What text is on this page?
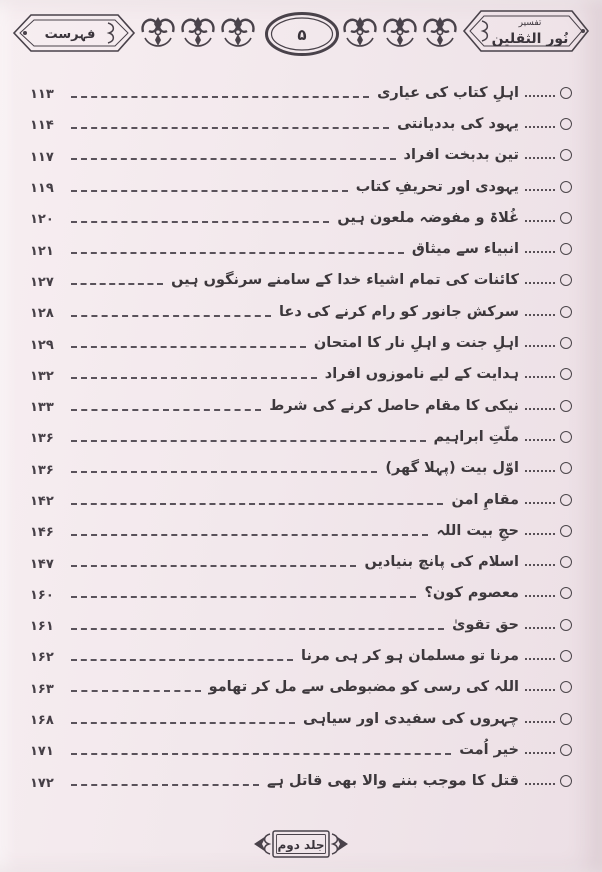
فہرست	۵
تفسیر
نُور الثقلین
اہلِ کتاب کی عیاری
۱۱۳
یہود کی بددیانتی
۱۱۴
تین بدبخت افراد
۱۱۷
یہودی اور تحریفِ کتاب
۱۱۹
غُلاۃ و مفوضہ ملعون ہیں
۱۲۰
انبیاء سے میثاق
۱۲۱
کائنات کی تمام اشیاء خدا کے سامنے سرنگوں ہیں
۱۲۷
سرکش جانور کو رام کرنے کی دعا
۱۲۸
اہلِ جنت و اہلِ نار کا امتحان
۱۲۹
ہدایت کے لیے ناموزوں افراد
۱۳۲
نیکی کا مقام حاصل کرنے کی شرط
۱۳۳
ملّتِ ابراہیم
۱۳۶
اوّل بیت (پہلا گھر)
۱۳۶
مقامِ امن
۱۴۲
حجِ بیت اللہ
۱۴۶
اسلام کی پانچ بنیادیں
۱۴۷
معصوم کون؟
۱۶۰
حق تقویٰ
۱۶۱
مرنا تو مسلمان ہو کر ہی مرنا
۱۶۲
اللہ کی رسی کو مضبوطی سے مل کر تھامو
۱۶۳
چہروں کی سفیدی اور سیاہی
۱۶۸
خیر اُمت
۱۷۱
قتل کا موجب بننے والا بھی قاتل ہے
۱۷۲
جلد دوم
